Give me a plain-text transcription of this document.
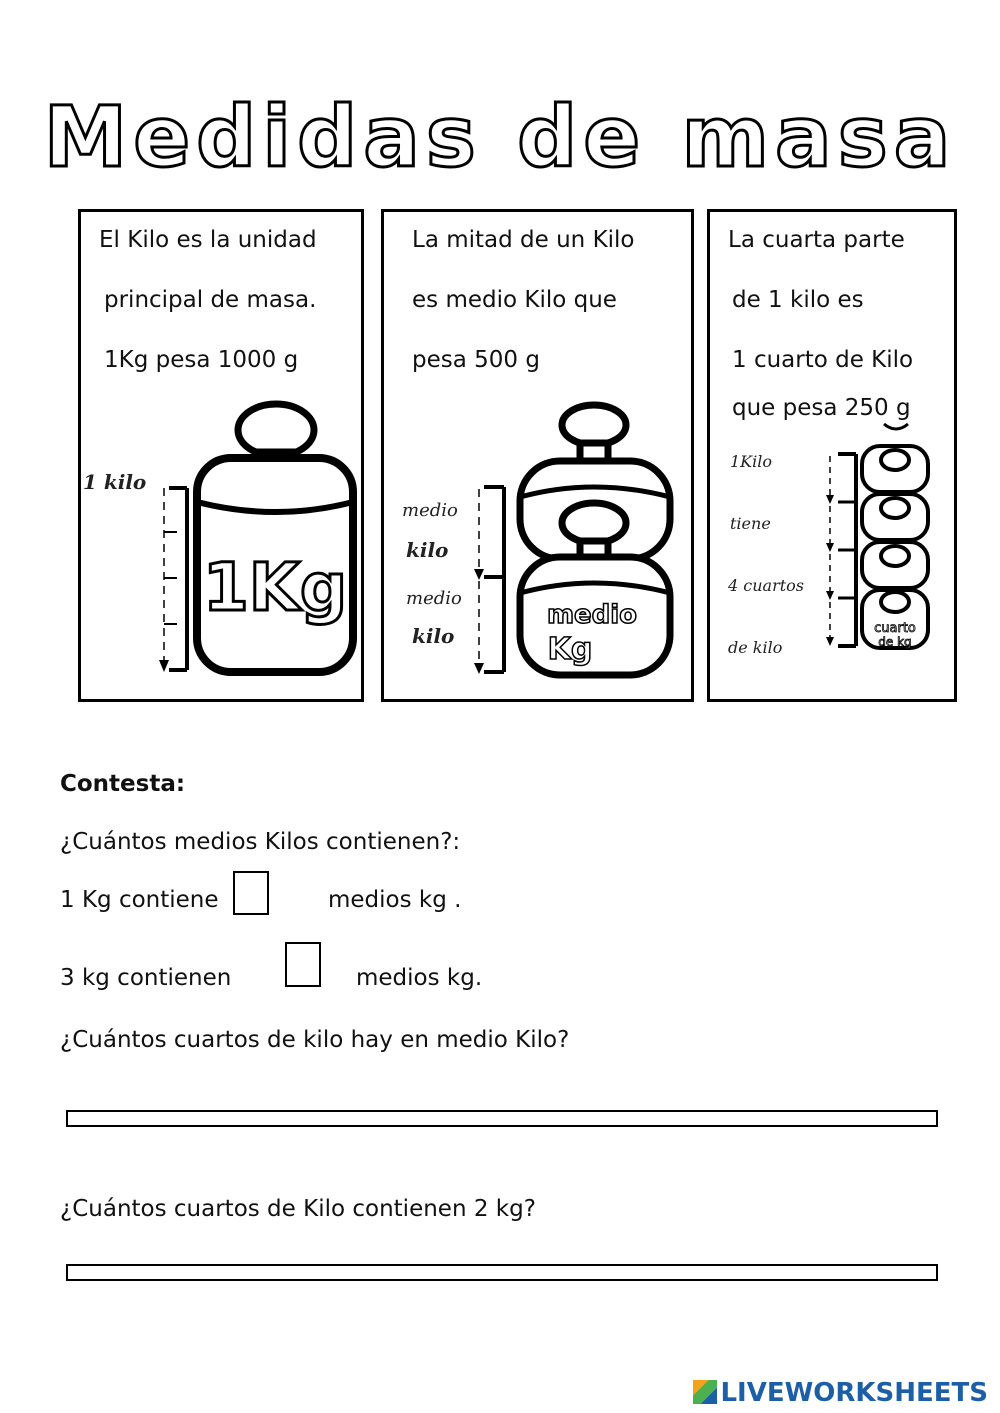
Medidas de masa
El Kilo es la unidad
principal de masa.
1Kg pesa 1000 g
1 kilo
1Kg
La mitad de un Kilo
es medio Kilo que
pesa 500 g
medio
kilo
medio
kilo
medio
Kg
La cuarta parte
de 1 kilo es
1 cuarto de Kilo
que pesa 250 g
1Kilo
tiene
4 cuartos
de kilo
cuarto
de kg
Contesta:
¿Cuántos medios Kilos contienen?:
1 Kg contiene	medios kg .
3 kg contienen	medios kg.
¿Cuántos cuartos de kilo hay en medio Kilo?
¿Cuántos cuartos de Kilo contienen 2 kg?
LIVEWORKSHEETS
